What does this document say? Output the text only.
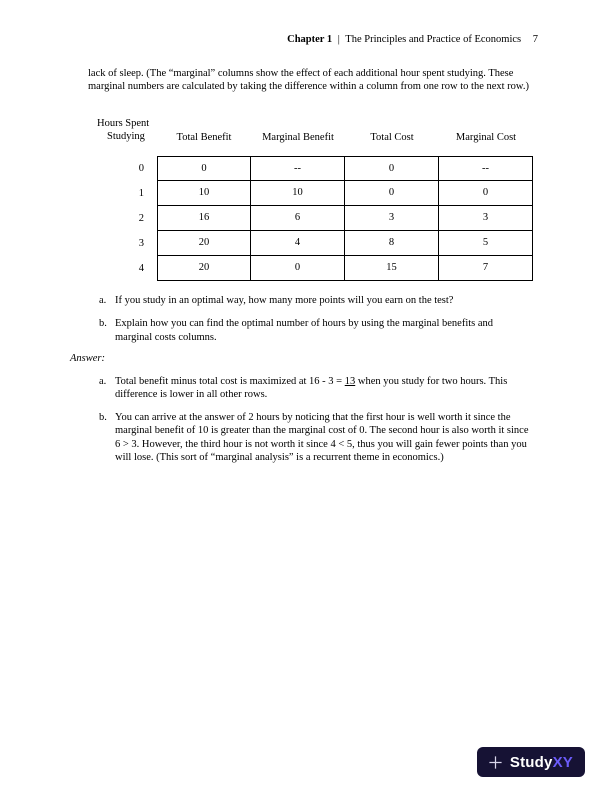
Chapter 1 | The Principles and Practice of Economics 7

lack of sleep. (The “marginal” columns show the effect of each additional hour spent studying. These marginal numbers are calculated by taking the difference within a column from one row to the next row.)

Hours Spent
Studying	Total Benefit	Marginal Benefit	Total Cost	Marginal Cost
0	0	--	0	--
1	10	10	0	0
2	16	6	3	3
3	20	4	8	5
4	20	0	15	7
a. If you study in an optimal way, how many more points will you earn on the test?
b. Explain how you can find the optimal number of hours by using the marginal benefits and marginal costs columns.
Answer:
a. Total benefit minus total cost is maximized at 16 - 3 = 13 when you study for two hours. This difference is lower in all other rows.
b. You can arrive at the answer of 2 hours by noticing that the first hour is well worth it since the marginal benefit of 10 is greater than the marginal cost of 0. The second hour is also worth it since 6 > 3. However, the third hour is not worth it since 4 < 5, thus you will gain fewer points than you will lose. (This sort of “marginal analysis” is a recurrent theme in economics.)
StudyXY
